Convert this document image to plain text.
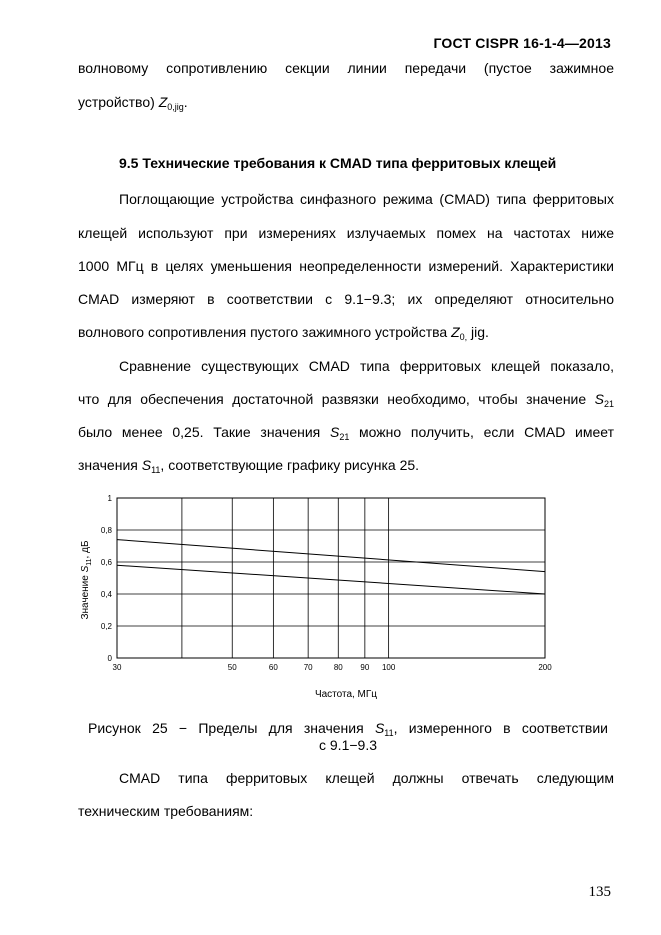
ГОСТ CISPR 16-1-4—2013
волновому сопротивлению секции линии передачи (пустое зажимное
устройство) $Z_{0,jig}$.
9.5 Технические требования к CMAD типа ферритовых клещей
Поглощающие устройства синфазного режима (CMAD) типа ферритовых
клещей используют при измерениях излучаемых помех на частотах ниже
1000 МГц в целях уменьшения неопределенности измерений. Характеристики
CMAD измеряют в соответствии с 9.1−9.3; их определяют относительно
волнового сопротивления пустого зажимного устройства $Z_{0,}$ jig.
Сравнение существующих CMAD типа ферритовых клещей показало,
что для обеспечения достаточной развязки необходимо, чтобы значение $S_{21}$
было менее 0,25. Такие значения $S_{21}$ можно получить, если CMAD имеет
значения $S_{11}$, соответствующие графику рисунка 25.
30	50	60	70	80 90 100	200
0
0,2
0,4
0,6
0,8
1
Частота, МГц
Значение $S_{11}$, дБ
Рисунок 25 − Пределы для значения $S_{11}$, измеренного в соответствии
с 9.1−9.3
CMAD типа ферритовых клещей должны отвечать следующим
техническим требованиям:
135
